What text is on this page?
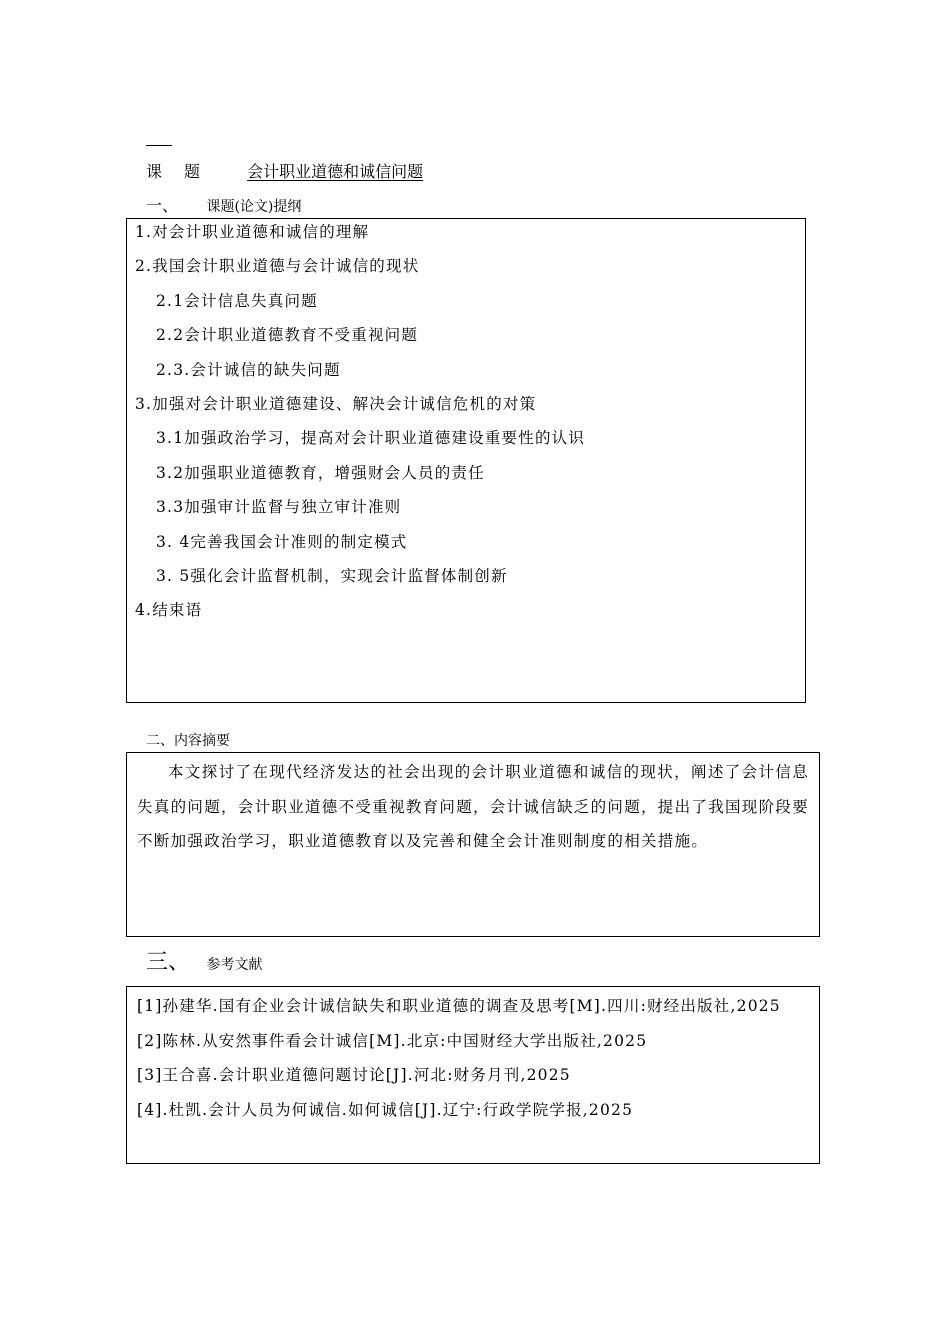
课题 会计职业道德和诚信问题
一、 课题(论文)提纲
1.对会计职业道德和诚信的理解
2.我国会计职业道德与会计诚信的现状
2.1会计信息失真问题
2.2会计职业道德教育不受重视问题
2.3.会计诚信的缺失问题
3.加强对会计职业道德建设、解决会计诚信危机的对策
3.1加强政治学习，提高对会计职业道德建设重要性的认识
3.2加强职业道德教育，增强财会人员的责任
3.3加强审计监督与独立审计准则
3. 4完善我国会计准则的制定模式
3. 5强化会计监督机制，实现会计监督体制创新
4.结束语
二、内容摘要

本文探讨了在现代经济发达的社会出现的会计职业道德和诚信的现状，阐述了会计信息失真的问题，会计职业道德不受重视教育问题，会计诚信缺乏的问题，提出了我国现阶段要不断加强政治学习，职业道德教育以及完善和健全会计准则制度的相关措施。

三、 参考文献
[1]孙建华.国有企业会计诚信缺失和职业道德的调查及思考[M].四川:财经出版社,2025
[2]陈林.从安然事件看会计诚信[M].北京:中国财经大学出版社,2025
[3]王合喜.会计职业道德问题讨论[J].河北:财务月刊,2025
[4].杜凯.会计人员为何诚信.如何诚信[J].辽宁:行政学院学报,2025
